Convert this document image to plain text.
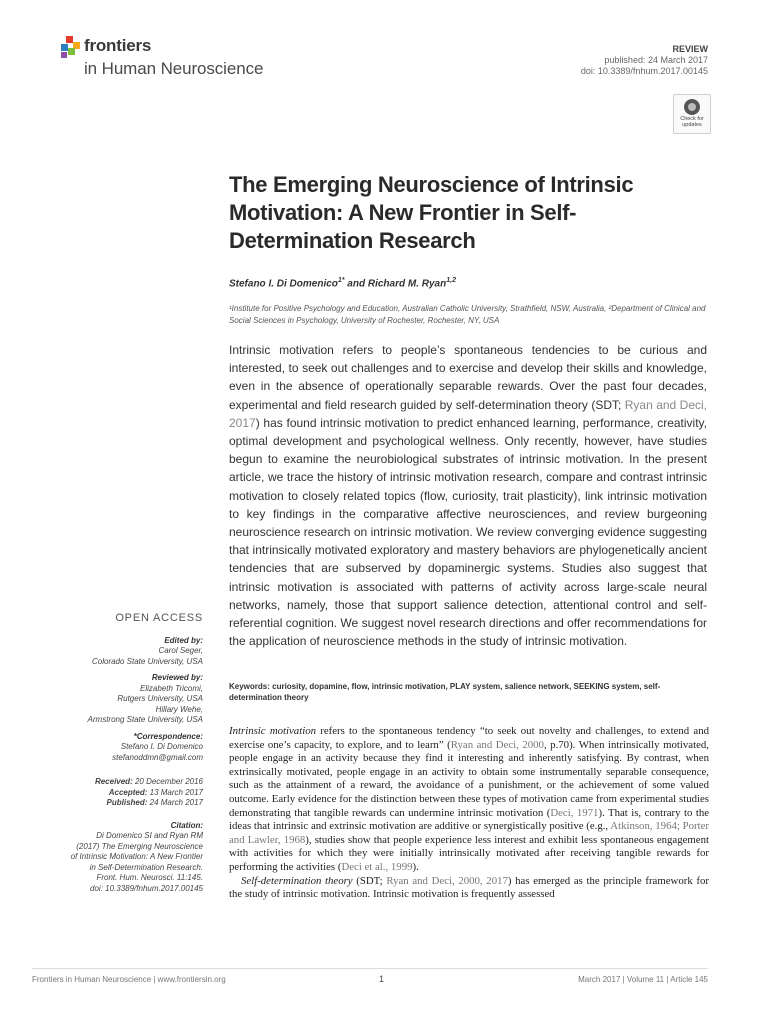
frontiers
in Human Neuroscience
REVIEW
published: 24 March 2017
doi: 10.3389/fnhum.2017.00145
Check for
updates
The Emerging Neuroscience of Intrinsic Motivation: A New Frontier in Self-Determination Research
Stefano I. Di Domenico$^{1*}$ and Richard M. Ryan$^{1,2}$
¹Institute for Positive Psychology and Education, Australian Catholic University, Strathfield, NSW, Australia, ²Department of Clinical and Social Sciences in Psychology, University of Rochester, Rochester, NY, USA

Intrinsic motivation refers to people’s spontaneous tendencies to be curious and interested, to seek out challenges and to exercise and develop their skills and knowledge, even in the absence of operationally separable rewards. Over the past four decades, experimental and field research guided by self-determination theory (SDT; Ryan and Deci, 2017) has found intrinsic motivation to predict enhanced learning, performance, creativity, optimal development and psychological wellness. Only recently, however, have studies begun to examine the neurobiological substrates of intrinsic motivation. In the present article, we trace the history of intrinsic motivation research, compare and contrast intrinsic motivation to closely related topics (flow, curiosity, trait plasticity), link intrinsic motivation to key findings in the comparative affective neurosciences, and review burgeoning neuroscience research on intrinsic motivation. We review converging evidence suggesting that intrinsically motivated exploratory and mastery behaviors are phylogenetically ancient tendencies that are subserved by dopaminergic systems. Studies also suggest that intrinsic motivation is associated with patterns of activity across large-scale neural networks, namely, those that support salience detection, attentional control and self-referential cognition. We suggest novel research directions and offer recommendations for the application of neuroscience methods in the study of intrinsic motivation.

Keywords: curiosity, dopamine, flow, intrinsic motivation, PLAY system, salience network, SEEKING system, self-determination theory

Intrinsic motivation refers to the spontaneous tendency “to seek out novelty and challenges, to extend and exercise one’s capacity, to explore, and to learn” (Ryan and Deci, 2000, p.70). When intrinsically motivated, people engage in an activity because they find it interesting and inherently satisfying. By contrast, when extrinsically motivated, people engage in an activity to obtain some instrumentally separable consequence, such as the attainment of a reward, the avoidance of a punishment, or the achievement of some valued outcome. Early evidence for the distinction between these types of motivation came from experimental studies demonstrating that tangible rewards can undermine intrinsic motivation (Deci, 1971). That is, contrary to the ideas that intrinsic and extrinsic motivation are additive or synergistically positive (e.g., Atkinson, 1964; Porter and Lawler, 1968), studies show that people experience less interest and exhibit less spontaneous engagement with activities for which they were initially intrinsically motivated after receiving tangible rewards for performing the activities (Deci et al., 1999).

Self-determination theory (SDT; Ryan and Deci, 2000, 2017) has emerged as the principle framework for the study of intrinsic motivation. Intrinsic motivation is frequently assessed

OPEN ACCESS
Edited by:
Carol Seger,
Colorado State University, USA
Reviewed by:
Elizabeth Tricomi,
Rutgers University, USA
Hillary Wehe,
Armstrong State University, USA
*Correspondence:
Stefano I. Di Domenico
stefanoddmn@gmail.com
Received: 20 December 2016
Accepted: 13 March 2017
Published: 24 March 2017
Citation:
Di Domenico SI and Ryan RM
(2017) The Emerging Neuroscience
of Intrinsic Motivation: A New Frontier
in Self-Determination Research.
Front. Hum. Neurosci. 11:145.
doi: 10.3389/fnhum.2017.00145
Frontiers in Human Neuroscience | www.frontiersin.org	1	March 2017 | Volume 11 | Article 145
